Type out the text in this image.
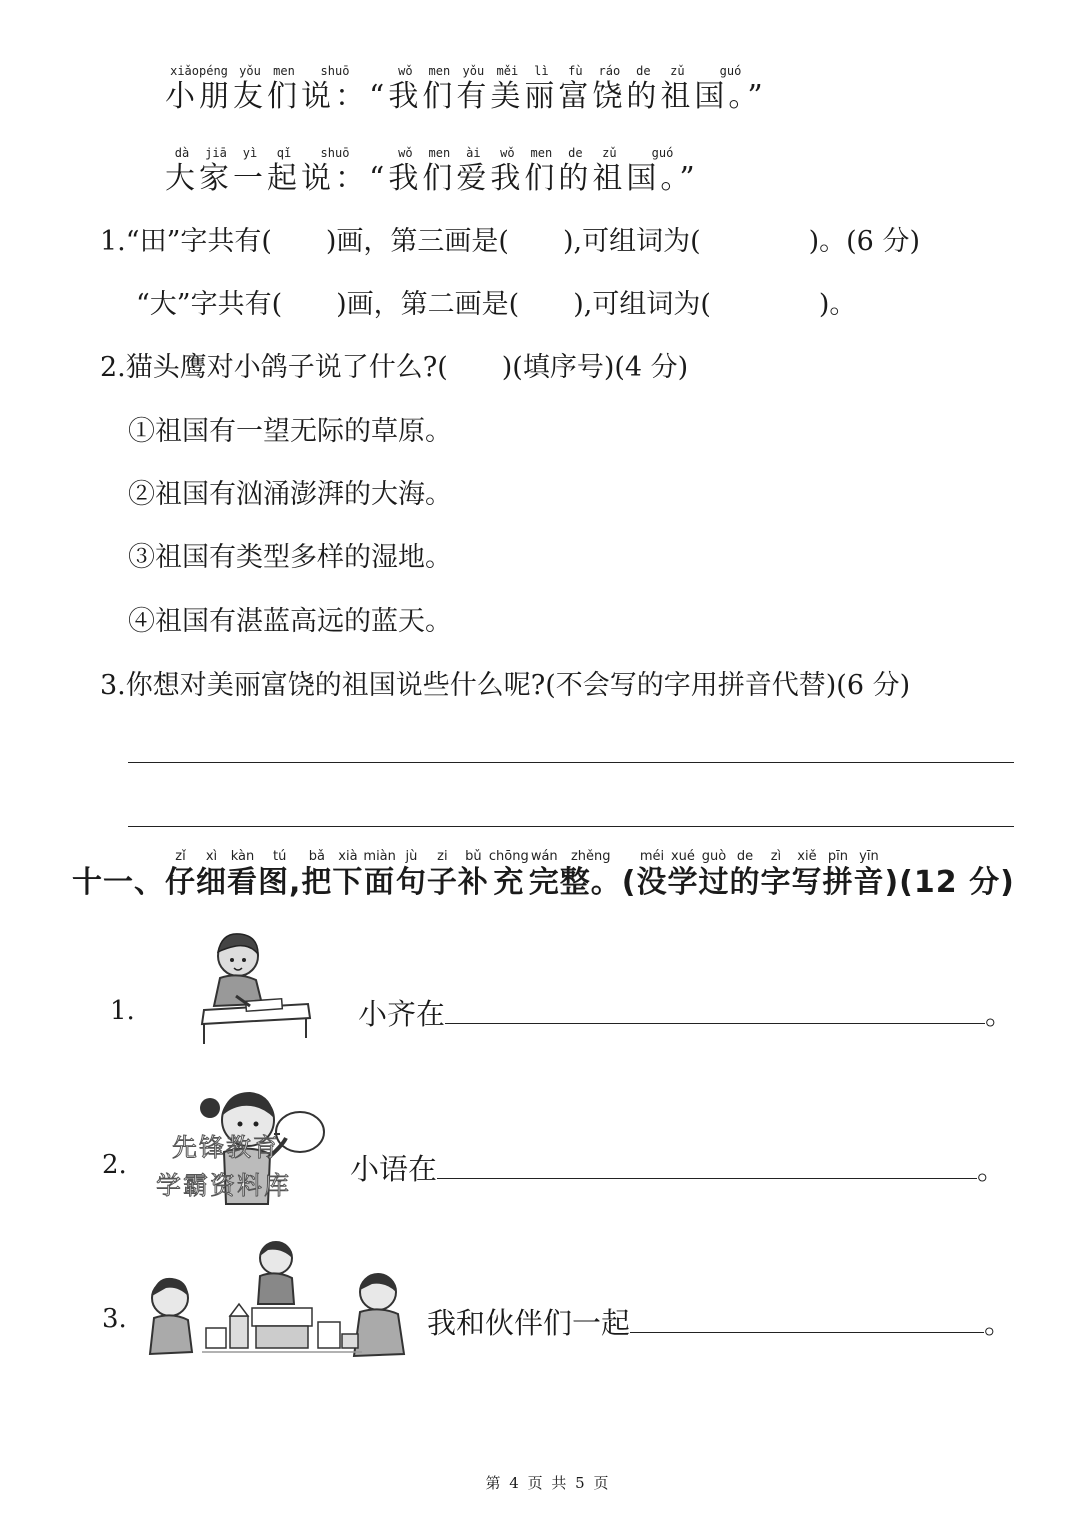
xiǎopéng
小朋
yǒu
友
men
们
shuō
说： “
wǒ
我
men
们
yǒu
有
měi
美
lì
丽
fù
富
ráo
饶
de
的
zǔ
祖
guó
国。”
dà
大
jiā
家
yì
一
qǐ
起
shuō
说： “
wǒ
我
men
们
ài
爱
wǒ
我
men
们
de
的
zǔ
祖
guó
国。”
1.“田”字共有(　　)画，第三画是(　　),可组词为(　　　　)。(6 分)
“大”字共有(　　)画，第二画是(　　),可组词为(　　　　)。
2.猫头鹰对小鸽子说了什么?(　　)(填序号)(4 分)
①祖国有一望无际的草原。
②祖国有汹涌澎湃的大海。
③祖国有类型多样的湿地。
④祖国有湛蓝高远的蓝天。
3.你想对美丽富饶的祖国说些什么呢?(不会写的字用拼音代替)(6 分)
十一、
zǐ
仔
xì
细
kàn
看
tú
图,
bǎ
把
xià
下
miàn
面
jù
句
zi
子
bǔ
补
chōng
充
wán
完
zhěng
整。 (
méi
没
xué
学
guò
过
de
的
zì
字
xiě
写
pīn
拼
yīn
音 )(12 分)
1.	小齐在	。
2.
先锋教育
学霸资料库 小语在	。
3.	我和伙伴们一起	。
第 4 页 共 5 页
